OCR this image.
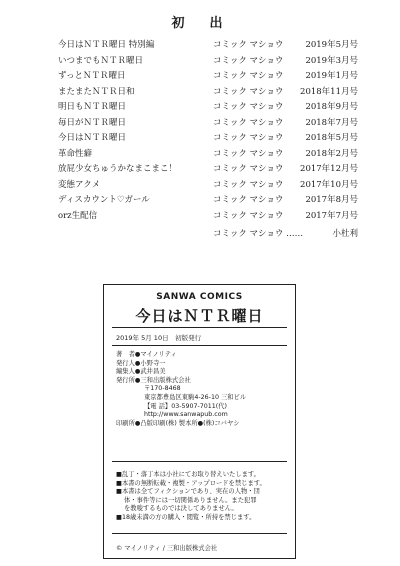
初　出
今日はＮＴＲ曜日 特別編	コミック マショウ	2019年5月号
いつまでもＮＴＲ曜日	コミック マショウ	2019年3月号
ずっとＮＴＲ曜日	コミック マショウ	2019年1月号
またまたＮＴＲ日和	コミック マショウ 2018年11月号
明日もＮＴＲ曜日	コミック マショウ	2018年9月号
毎日がＮＴＲ曜日	コミック マショウ	2018年7月号
今日はＮＴＲ曜日	コミック マショウ	2018年5月号
革命性癖	コミック マショウ	2018年2月号
放屁少女ちゅうかなまこまこ！	コミック マショウ 2017年12月号
変態アクメ	コミック マショウ 2017年10月号
ディスカウント♡ガール	コミック マショウ	2017年8月号
orz生配信	コミック マショウ	2017年7月号
コミック マショウ ……	小杜利
SANWA COMICS
今日はＮＴＲ曜日
2019年 5月 10日　初版発行
著　者●マイノリティ
発行人●小野寺一
編集人●武井昌美
発行所●三和出版株式会社
〒170-8468
東京都豊島区東駒4-26-10 三和ビル
【電 話】03-5907-7011(代)
http://www.sanwapub.com
印刷所●凸版印刷(株) 製本所●(株)コバヤシ
■乱丁・落丁本は小社にてお取り替えいたします。
■本書の無断転載・複製・アップロードを禁じます。
■本書は全てフィクションであり、実在の人物・団
体・事件等には一切関係ありません。また犯罪
を教唆するものでは決してありません。
■18歳未満の方の購入・閲覧・所持を禁じます。
© マイノリティ / 三和出版株式会社
